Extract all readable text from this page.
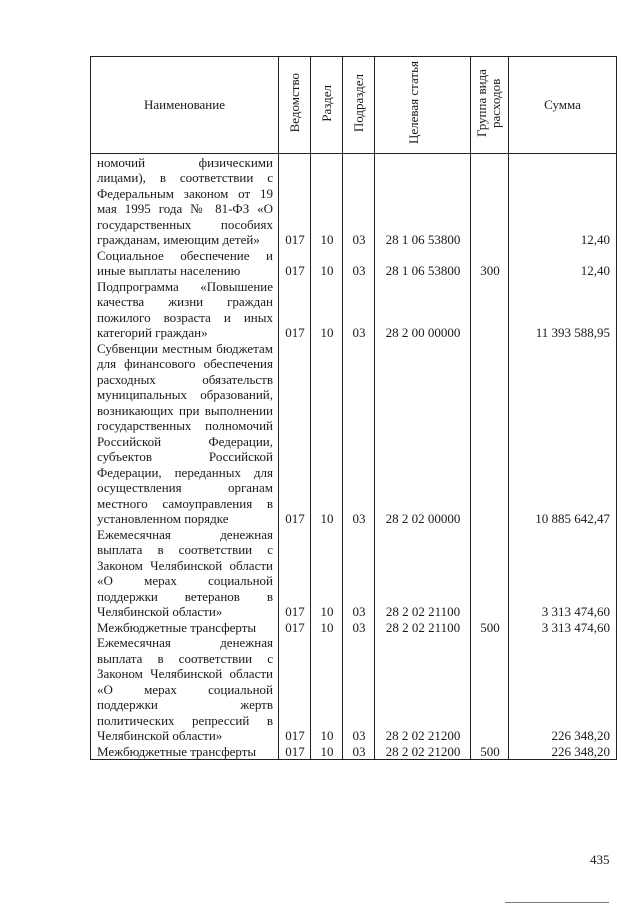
Наименование	Ведомство	Раздел	Подраздел	Целевая статья	Группа вида расходов	Сумма
номочий физическими лицами), в соответствии с Федеральным законом от 19 мая 1995 года № 81-ФЗ «О государственных пособиях гражданам, имеющим детей»	017	10	03	28 1 06 53800		12,40
Социальное обеспечение и иные выплаты населению	017	10	03	28 1 06 53800	300	12,40
Подпрограмма «Повышение качества жизни граждан пожилого возраста и иных категорий граждан»	017	10	03	28 2 00 00000		11 393 588,95
Субвенции местным бюджетам для финансового обеспечения расходных обязательств муниципальных образований, возникающих при выполнении государственных полномочий Российской Федерации, субъектов Российской Федерации, переданных для осуществления органам местного самоуправления в установленном порядке	017	10	03	28 2 02 00000		10 885 642,47
Ежемесячная денежная выплата в соответствии с Законом Челябинской области «О мерах социальной поддержки ветеранов в Челябинской области»	017	10	03	28 2 02 21100		3 313 474,60
Межбюджетные трансферты	017	10	03	28 2 02 21100	500	3 313 474,60
Ежемесячная денежная выплата в соответствии с Законом Челябинской области «О мерах социальной поддержки жертв политических репрессий в Челябинской области»	017	10	03	28 2 02 21200		226 348,20
Межбюджетные трансферты	017	10	03	28 2 02 21200	500	226 348,20
435
